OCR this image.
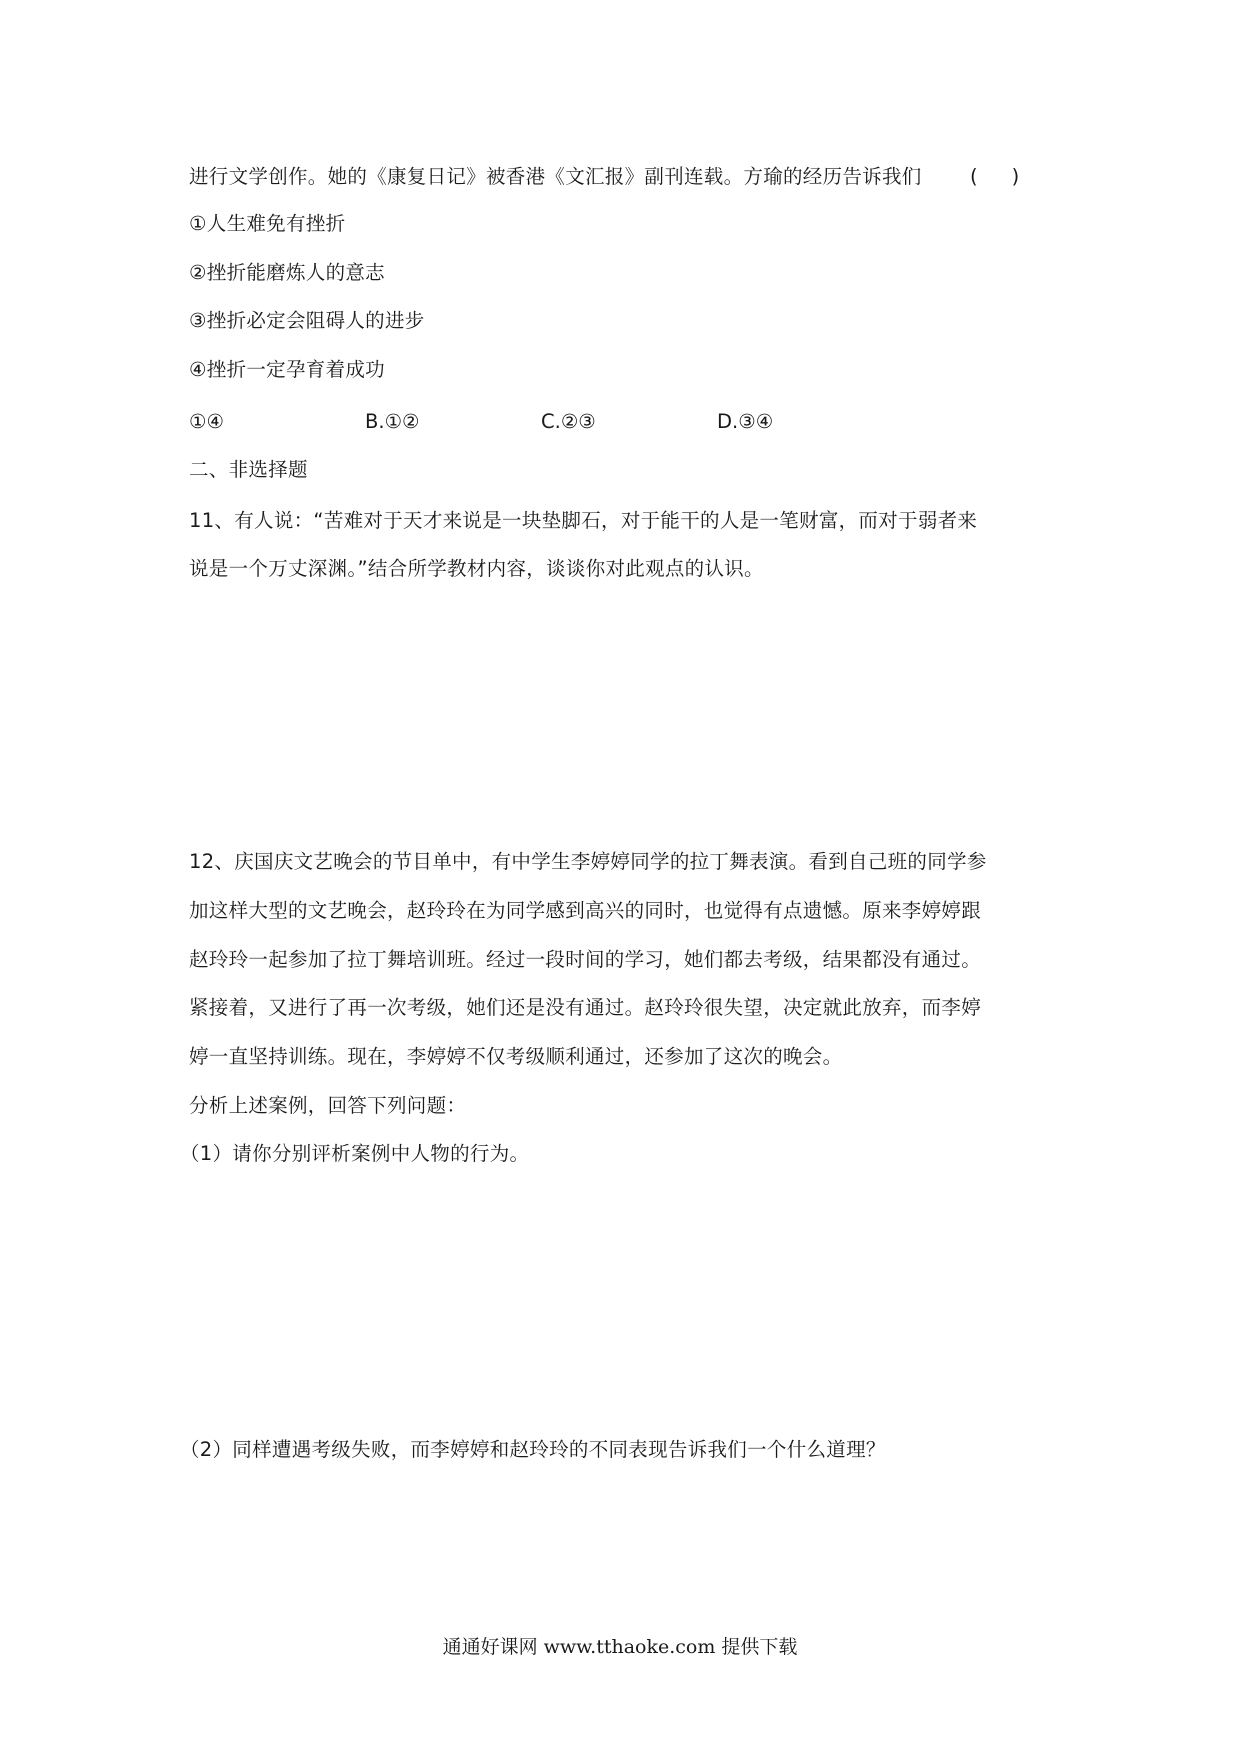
进行文学创作。她的《康复日记》被香港《文汇报》副刊连载。方瑜的经历告诉我们 ( )
①人生难免有挫折
②挫折能磨炼人的意志
③挫折必定会阻碍人的进步
④挫折一定孕育着成功
①④	B.①②	C.②③	D.③④
二、非选择题
11、有人说：“苦难对于天才来说是一块垫脚石，对于能干的人是一笔财富，而对于弱者来
说是一个万丈深渊。”结合所学教材内容，谈谈你对此观点的认识。
12、庆国庆文艺晚会的节目单中，有中学生李婷婷同学的拉丁舞表演。看到自己班的同学参
加这样大型的文艺晚会，赵玲玲在为同学感到高兴的同时，也觉得有点遗憾。原来李婷婷跟
赵玲玲一起参加了拉丁舞培训班。经过一段时间的学习，她们都去考级，结果都没有通过。
紧接着，又进行了再一次考级，她们还是没有通过。赵玲玲很失望，决定就此放弃，而李婷
婷一直坚持训练。现在，李婷婷不仅考级顺利通过，还参加了这次的晚会。
分析上述案例，回答下列问题：
（1）请你分别评析案例中人物的行为。
（2）同样遭遇考级失败，而李婷婷和赵玲玲的不同表现告诉我们一个什么道理？
通通好课网 www.tthaoke.com 提供下载
